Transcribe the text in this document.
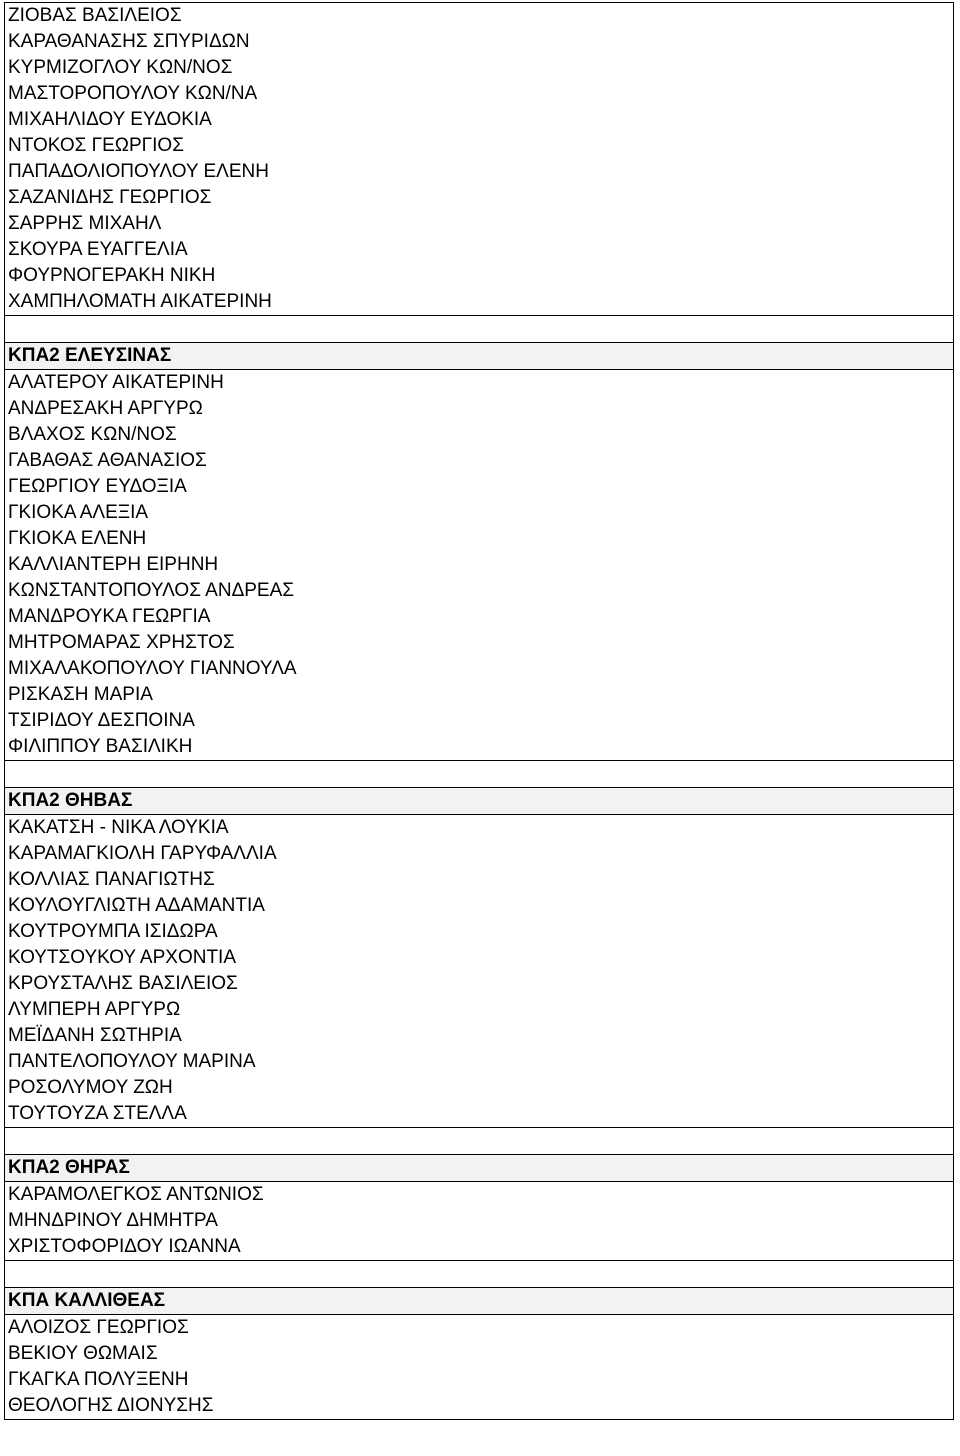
ΖΙΟΒΑΣ ΒΑΣΙΛΕΙΟΣ
ΚΑΡΑΘΑΝΑΣΗΣ ΣΠΥΡΙΔΩΝ
ΚΥΡΜΙΖΟΓΛΟΥ ΚΩΝ/ΝΟΣ
ΜΑΣΤΟΡΟΠΟΥΛΟΥ ΚΩΝ/ΝΑ
ΜΙΧΑΗΛΙΔΟΥ ΕΥΔΟΚΙΑ
ΝΤΟΚΟΣ ΓΕΩΡΓΙΟΣ
ΠΑΠΑΔΟΛΙΟΠΟΥΛΟΥ ΕΛΕΝΗ
ΣΑΖΑΝΙΔΗΣ ΓΕΩΡΓΙΟΣ
ΣΑΡΡΗΣ ΜΙΧΑΗΛ
ΣΚΟΥΡΑ ΕΥΑΓΓΕΛΙΑ
ΦΟΥΡΝΟΓΕΡΑΚΗ ΝΙΚΗ
ΧΑΜΠΗΛΟΜΑΤΗ ΑΙΚΑΤΕΡΙΝΗ

ΚΠΑ2 ΕΛΕΥΣΙΝΑΣ
ΑΛΑΤΕΡΟΥ ΑΙΚΑΤΕΡΙΝΗ
ΑΝΔΡΕΣΑΚΗ ΑΡΓΥΡΩ
ΒΛΑΧΟΣ ΚΩΝ/ΝΟΣ
ΓΑΒΑΘΑΣ ΑΘΑΝΑΣΙΟΣ
ΓΕΩΡΓΙΟΥ ΕΥΔΟΞΙΑ
ΓΚΙΟΚΑ ΑΛΕΞΙΑ
ΓΚΙΟΚΑ ΕΛΕΝΗ
ΚΑΛΛΙΑΝΤΕΡΗ ΕΙΡΗΝΗ
ΚΩΝΣΤΑΝΤΟΠΟΥΛΟΣ ΑΝΔΡΕΑΣ
ΜΑΝΔΡΟΥΚΑ ΓΕΩΡΓΙΑ
ΜΗΤΡΟΜΑΡΑΣ ΧΡΗΣΤΟΣ
ΜΙΧΑΛΑΚΟΠΟΥΛΟΥ ΓΙΑΝΝΟΥΛΑ
ΡΙΣΚΑΣΗ ΜΑΡΙΑ
ΤΣΙΡΙΔΟΥ ΔΕΣΠΟΙΝΑ
ΦΙΛΙΠΠΟΥ ΒΑΣΙΛΙΚΗ

ΚΠΑ2 ΘΗΒΑΣ
ΚΑΚΑΤΣΗ - ΝΙΚΑ ΛΟΥΚΙΑ
ΚΑΡΑΜΑΓΚΙΟΛΗ ΓΑΡΥΦΑΛΛΙΑ
ΚΟΛΛΙΑΣ ΠΑΝΑΓΙΩΤΗΣ
ΚΟΥΛΟΥΓΛΙΩΤΗ ΑΔΑΜΑΝΤΙΑ
ΚΟΥΤΡΟΥΜΠΑ ΙΣΙΔΩΡΑ
ΚΟΥΤΣΟΥΚΟΥ ΑΡΧΟΝΤΙΑ
ΚΡΟΥΣΤΑΛΗΣ ΒΑΣΙΛΕΙΟΣ
ΛΥΜΠΕΡΗ ΑΡΓΥΡΩ
ΜΕΪΔΑΝΗ ΣΩΤΗΡΙΑ
ΠΑΝΤΕΛΟΠΟΥΛΟΥ ΜΑΡΙΝΑ
ΡΟΣΟΛΥΜΟΥ ΖΩΗ
ΤΟΥΤΟΥΖΑ ΣΤΕΛΛΑ

ΚΠΑ2 ΘΗΡΑΣ
ΚΑΡΑΜΟΛΕΓΚΟΣ ΑΝΤΩΝΙΟΣ
ΜΗΝΔΡΙΝΟΥ ΔΗΜΗΤΡΑ
ΧΡΙΣΤΟΦΟΡΙΔΟΥ ΙΩΑΝΝΑ

ΚΠΑ ΚΑΛΛΙΘΕΑΣ
ΑΛΟΙΖΟΣ ΓΕΩΡΓΙΟΣ
ΒΕΚΙΟΥ ΘΩΜΑΙΣ
ΓΚΑΓΚΑ ΠΟΛΥΞΕΝΗ
ΘΕΟΛΟΓΗΣ ΔΙΟΝΥΣΗΣ
